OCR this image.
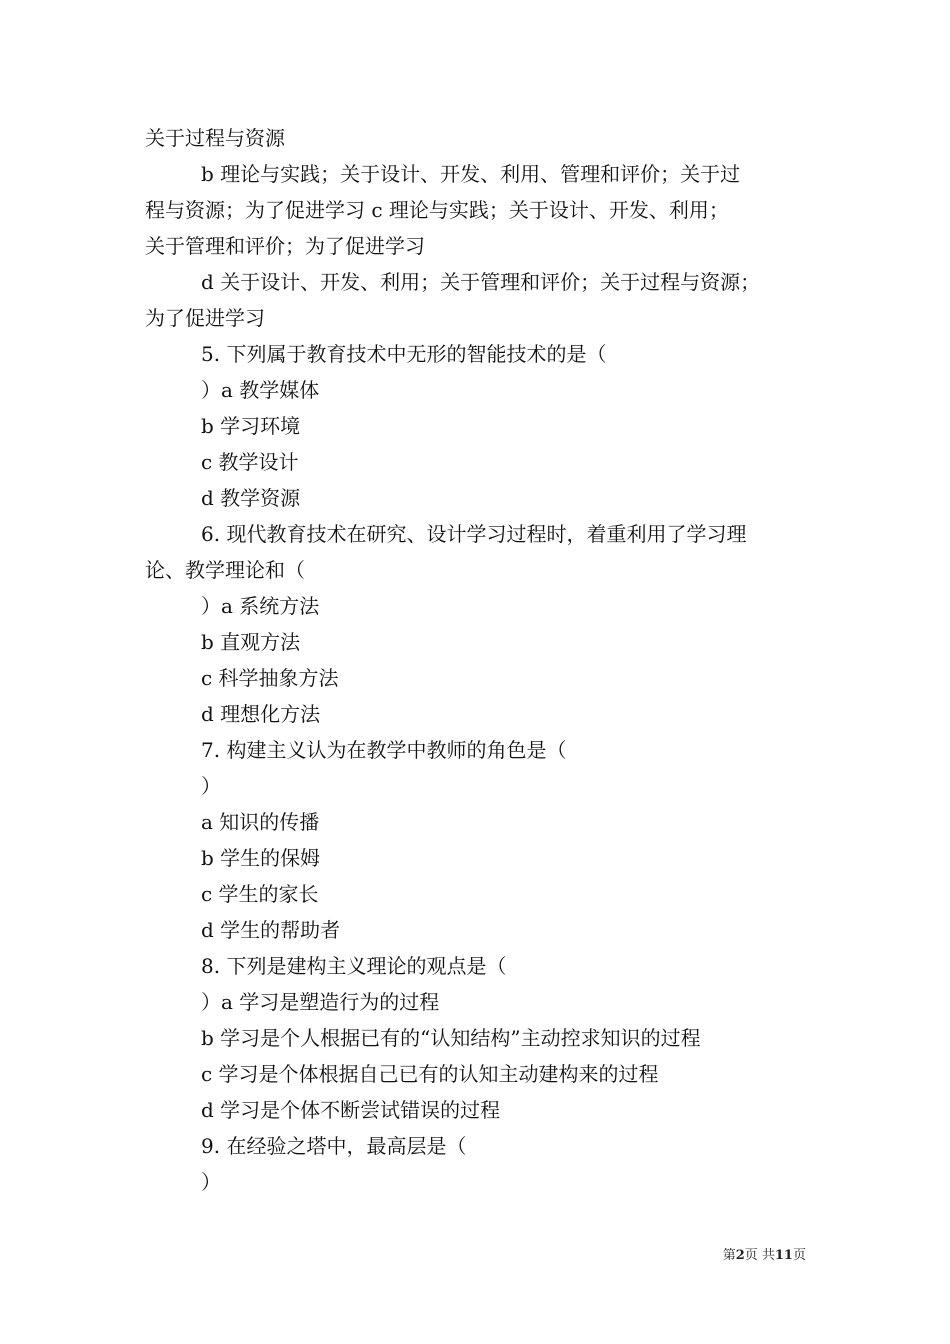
关于过程与资源
b 理论与实践；关于设计、开发、利用、管理和评价；关于过
程与资源；为了促进学习 c 理论与实践；关于设计、开发、利用；
关于管理和评价；为了促进学习
d 关于设计、开发、利用；关于管理和评价；关于过程与资源；
为了促进学习
5. 下列属于教育技术中无形的智能技术的是（
）a 教学媒体
b 学习环境
c 教学设计
d 教学资源
6. 现代教育技术在研究、设计学习过程时，着重利用了学习理
论、教学理论和（
）a 系统方法
b 直观方法
c 科学抽象方法
d 理想化方法
7. 构建主义认为在教学中教师的角色是（
）
a 知识的传播
b 学生的保姆
c 学生的家长
d 学生的帮助者
8. 下列是建构主义理论的观点是（
）a 学习是塑造行为的过程
b 学习是个人根据已有的“认知结构”主动控求知识的过程
c 学习是个体根据自己已有的认知主动建构来的过程
d 学习是个体不断尝试错误的过程
9. 在经验之塔中，最高层是（
）
第2页 共11页
